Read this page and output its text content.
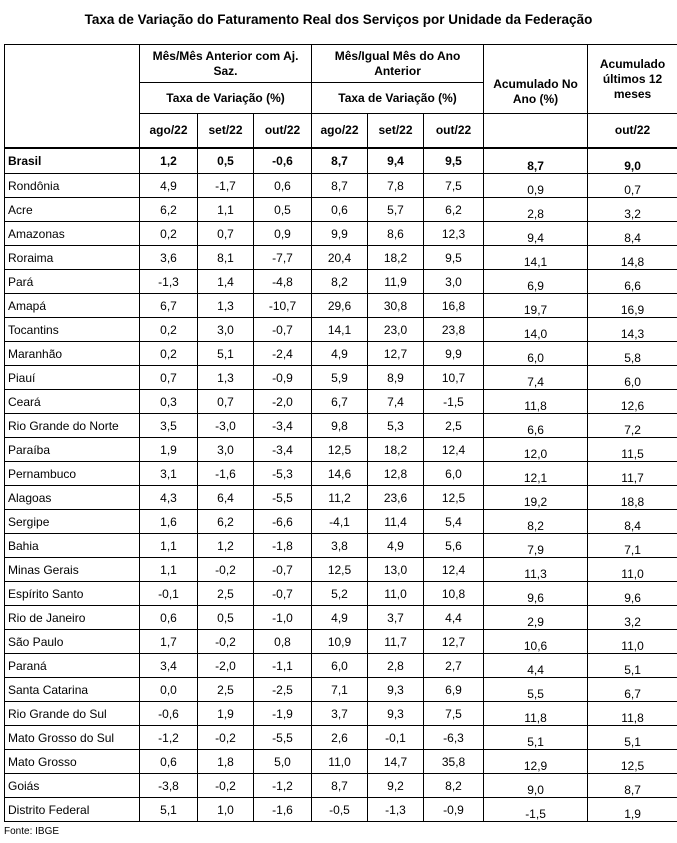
Taxa de Variação do Faturamento Real dos Serviços por Unidade da Federação
	Mês/Mês Anterior com Aj. Saz.			Mês/Igual Mês do Ano Anterior			Acumulado No Ano (%)	Acumulado últimos 12 meses
	Taxa de Variação (%)			Taxa de Variação (%)				
	ago/22	set/22	out/22	ago/22	set/22	out/22		out/22
Brasil	1,2	0,5	-0,6	8,7	9,4	9,5	8,7	9,0
Rondônia	4,9	-1,7	0,6	8,7	7,8	7,5	0,9	0,7
Acre	6,2	1,1	0,5	0,6	5,7	6,2	2,8	3,2
Amazonas	0,2	0,7	0,9	9,9	8,6	12,3	9,4	8,4
Roraima	3,6	8,1	-7,7	20,4	18,2	9,5	14,1	14,8
Pará	-1,3	1,4	-4,8	8,2	11,9	3,0	6,9	6,6
Amapá	6,7	1,3	-10,7	29,6	30,8	16,8	19,7	16,9
Tocantins	0,2	3,0	-0,7	14,1	23,0	23,8	14,0	14,3
Maranhão	0,2	5,1	-2,4	4,9	12,7	9,9	6,0	5,8
Piauí	0,7	1,3	-0,9	5,9	8,9	10,7	7,4	6,0
Ceará	0,3	0,7	-2,0	6,7	7,4	-1,5	11,8	12,6
Rio Grande do Norte	3,5	-3,0	-3,4	9,8	5,3	2,5	6,6	7,2
Paraíba	1,9	3,0	-3,4	12,5	18,2	12,4	12,0	11,5
Pernambuco	3,1	-1,6	-5,3	14,6	12,8	6,0	12,1	11,7
Alagoas	4,3	6,4	-5,5	11,2	23,6	12,5	19,2	18,8
Sergipe	1,6	6,2	-6,6	-4,1	11,4	5,4	8,2	8,4
Bahia	1,1	1,2	-1,8	3,8	4,9	5,6	7,9	7,1
Minas Gerais	1,1	-0,2	-0,7	12,5	13,0	12,4	11,3	11,0
Espírito Santo	-0,1	2,5	-0,7	5,2	11,0	10,8	9,6	9,6
Rio de Janeiro	0,6	0,5	-1,0	4,9	3,7	4,4	2,9	3,2
São Paulo	1,7	-0,2	0,8	10,9	11,7	12,7	10,6	11,0
Paraná	3,4	-2,0	-1,1	6,0	2,8	2,7	4,4	5,1
Santa Catarina	0,0	2,5	-2,5	7,1	9,3	6,9	5,5	6,7
Rio Grande do Sul	-0,6	1,9	-1,9	3,7	9,3	7,5	11,8	11,8
Mato Grosso do Sul	-1,2	-0,2	-5,5	2,6	-0,1	-6,3	5,1	5,1
Mato Grosso	0,6	1,8	5,0	11,0	14,7	35,8	12,9	12,5
Goiás	-3,8	-0,2	-1,2	8,7	9,2	8,2	9,0	8,7
Distrito Federal	5,1	1,0	-1,6	-0,5	-1,3	-0,9	-1,5	1,9
Fonte: IBGE
